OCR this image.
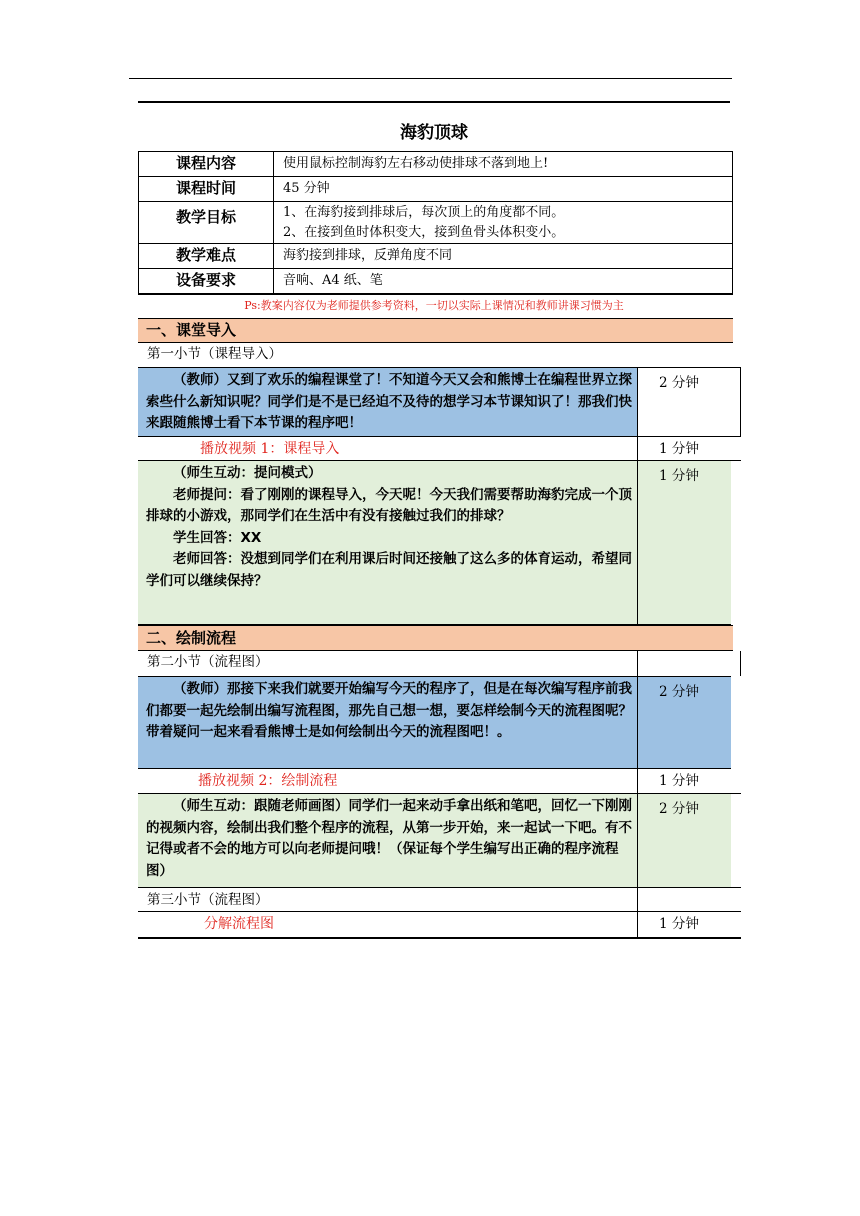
海豹顶球
课程内容	使用鼠标控制海豹左右移动使排球不落到地上!
课程时间	45 分钟
教学目标	1、在海豹接到排球后，每次顶上的角度都不同。
2、在接到鱼时体积变大，接到鱼骨头体积变小。

教学难点	海豹接到排球，反弹角度不同
设备要求	音响、A4 纸、笔
Ps:教案内容仅为老师提供参考资料，一切以实际上课情况和教师讲课习惯为主
一、课堂导入
第一小节（课程导入）
（教师）又到了欢乐的编程课堂了！不知道今天又会和熊博士在编程世界立探索些什么新知识呢？同学们是不是已经迫不及待的想学习本节课知识了！那我们快来跟随熊博士看下本节课的程序吧！
2 分钟
播放视频 1：课程导入	1 分钟
（师生互动：提问模式）
老师提问：看了刚刚的课程导入，今天呢！今天我们需要帮助海豹完成一个顶排球的小游戏，那同学们在生活中有没有接触过我们的排球？
学生回答：XX
老师回答：没想到同学们在利用课后时间还接触了这么多的体育运动，希望同学们可以继续保持？
1 分钟
二、绘制流程
第二小节（流程图）
（教师）那接下来我们就要开始编写今天的程序了，但是在每次编写程序前我们都要一起先绘制出编写流程图，那先自己想一想，要怎样绘制今天的流程图呢？带着疑问一起来看看熊博士是如何绘制出今天的流程图吧！。
2 分钟
播放视频 2：绘制流程	1 分钟
（师生互动：跟随老师画图）同学们一起来动手拿出纸和笔吧，回忆一下刚刚的视频内容，绘制出我们整个程序的流程，从第一步开始，来一起试一下吧。有不记得或者不会的地方可以向老师提问哦！（保证每个学生编写出正确的程序流程图）
2 分钟
第三小节（流程图）
分解流程图	1 分钟
